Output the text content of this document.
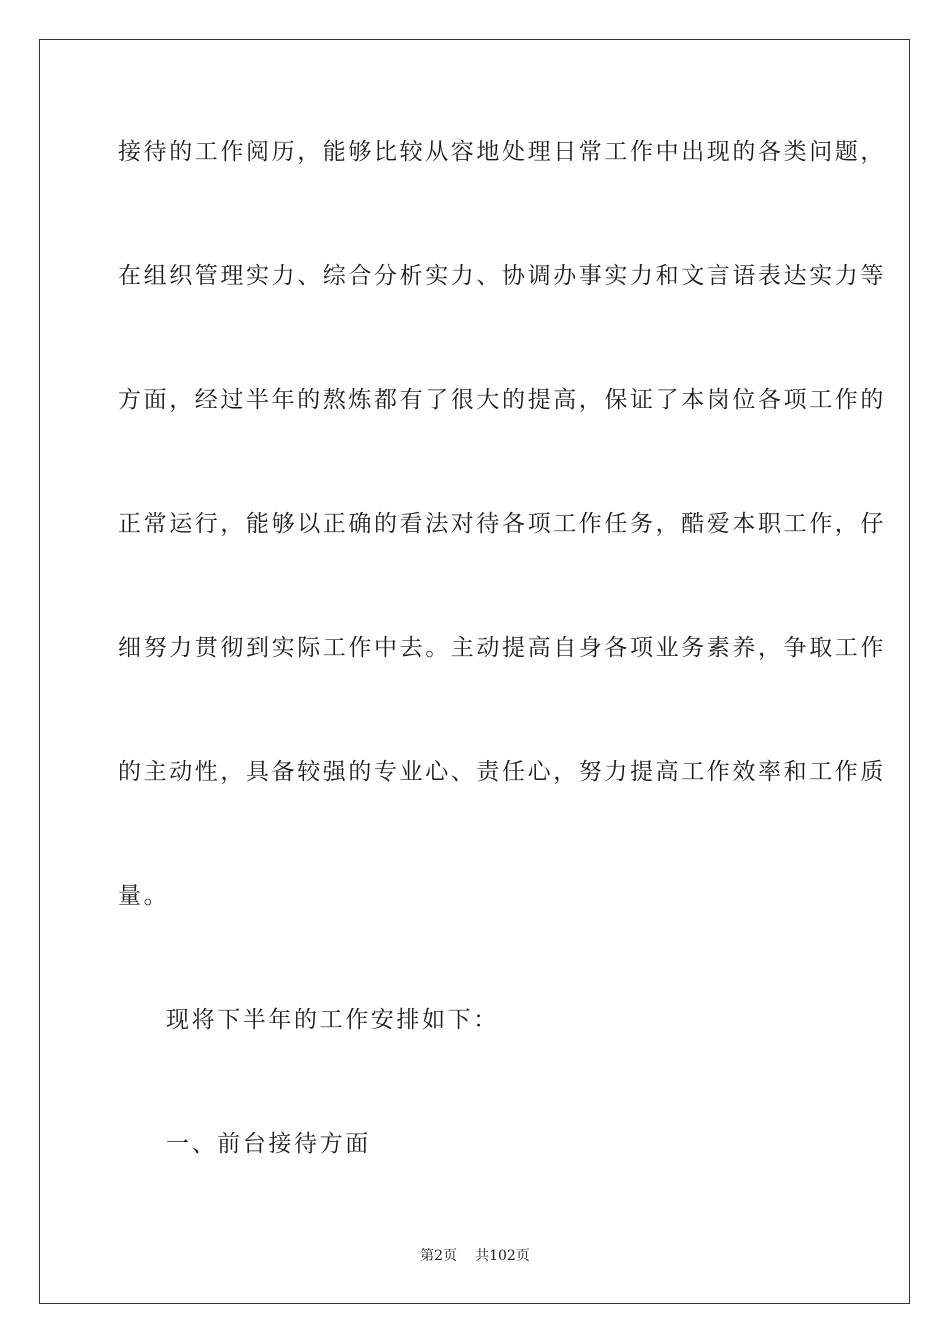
接待的工作阅历，能够比较从容地处理日常工作中出现的各类问题，
在组织管理实力、综合分析实力、协调办事实力和文言语表达实力等
方面，经过半年的熬炼都有了很大的提高，保证了本岗位各项工作的
正常运行，能够以正确的看法对待各项工作任务，酷爱本职工作，仔
细努力贯彻到实际工作中去。主动提高自身各项业务素养，争取工作
的主动性，具备较强的专业心、责任心，努力提高工作效率和工作质
量。
现将下半年的工作安排如下：
一、前台接待方面
第2页 共102页
